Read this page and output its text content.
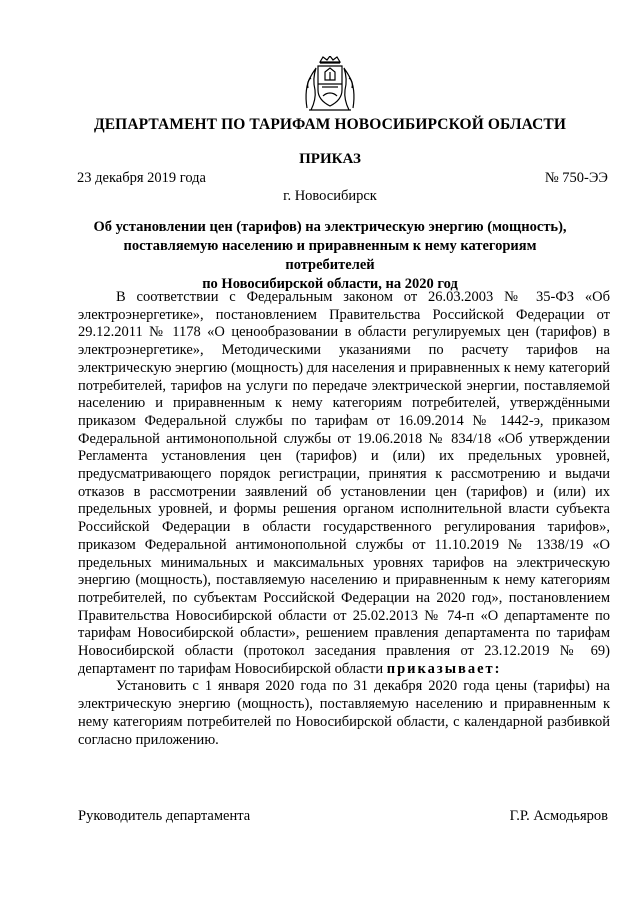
ДЕПАРТАМЕНТ ПО ТАРИФАМ НОВОСИБИРСКОЙ ОБЛАСТИ
ПРИКАЗ
23 декабря 2019 года	№ 750-ЭЭ
г. Новосибирск
Об установлении цен (тарифов) на электрическую энергию (мощность),
поставляемую населению и приравненным к нему категориям потребителей
по Новосибирской области, на 2020 год

В соответствии с Федеральным законом от 26.03.2003 № 35-ФЗ «Об электроэнергетике», постановлением Правительства Российской Федерации от 29.12.2011 № 1178 «О ценообразовании в области регулируемых цен (тарифов) в электроэнергетике», Методическими указаниями по расчету тарифов на электрическую энергию (мощность) для населения и приравненных к нему категорий потребителей, тарифов на услуги по передаче электрической энергии, поставляемой населению и приравненным к нему категориям потребителей, утверждёнными приказом Федеральной службы по тарифам от 16.09.2014 № 1442-э, приказом Федеральной антимонопольной службы от 19.06.2018 № 834/18 «Об утверждении Регламента установления цен (тарифов) и (или) их предельных уровней, предусматривающего порядок регистрации, принятия к рассмотрению и выдачи отказов в рассмотрении заявлений об установлении цен (тарифов) и (или) их предельных уровней, и формы решения органом исполнительной власти субъекта Российской Федерации в области государственного регулирования тарифов», приказом Федеральной антимонопольной службы от 11.10.2019 № 1338/19 «О предельных минимальных и максимальных уровнях тарифов на электрическую энергию (мощность), поставляемую населению и приравненным к нему категориям потребителей, по субъектам Российской Федерации на 2020 год», постановлением Правительства Новосибирской области от 25.02.2013 № 74-п «О департаменте по тарифам Новосибирской области», решением правления департамента по тарифам Новосибирской области (протокол заседания правления от 23.12.2019 № 69) департамент по тарифам Новосибирской области приказывает:

Установить с 1 января 2020 года по 31 декабря 2020 года цены (тарифы) на электрическую энергию (мощность), поставляемую населению и приравненным к нему категориям потребителей по Новосибирской области, с календарной разбивкой согласно приложению.

Руководитель департамента	Г.Р. Асмодьяров
